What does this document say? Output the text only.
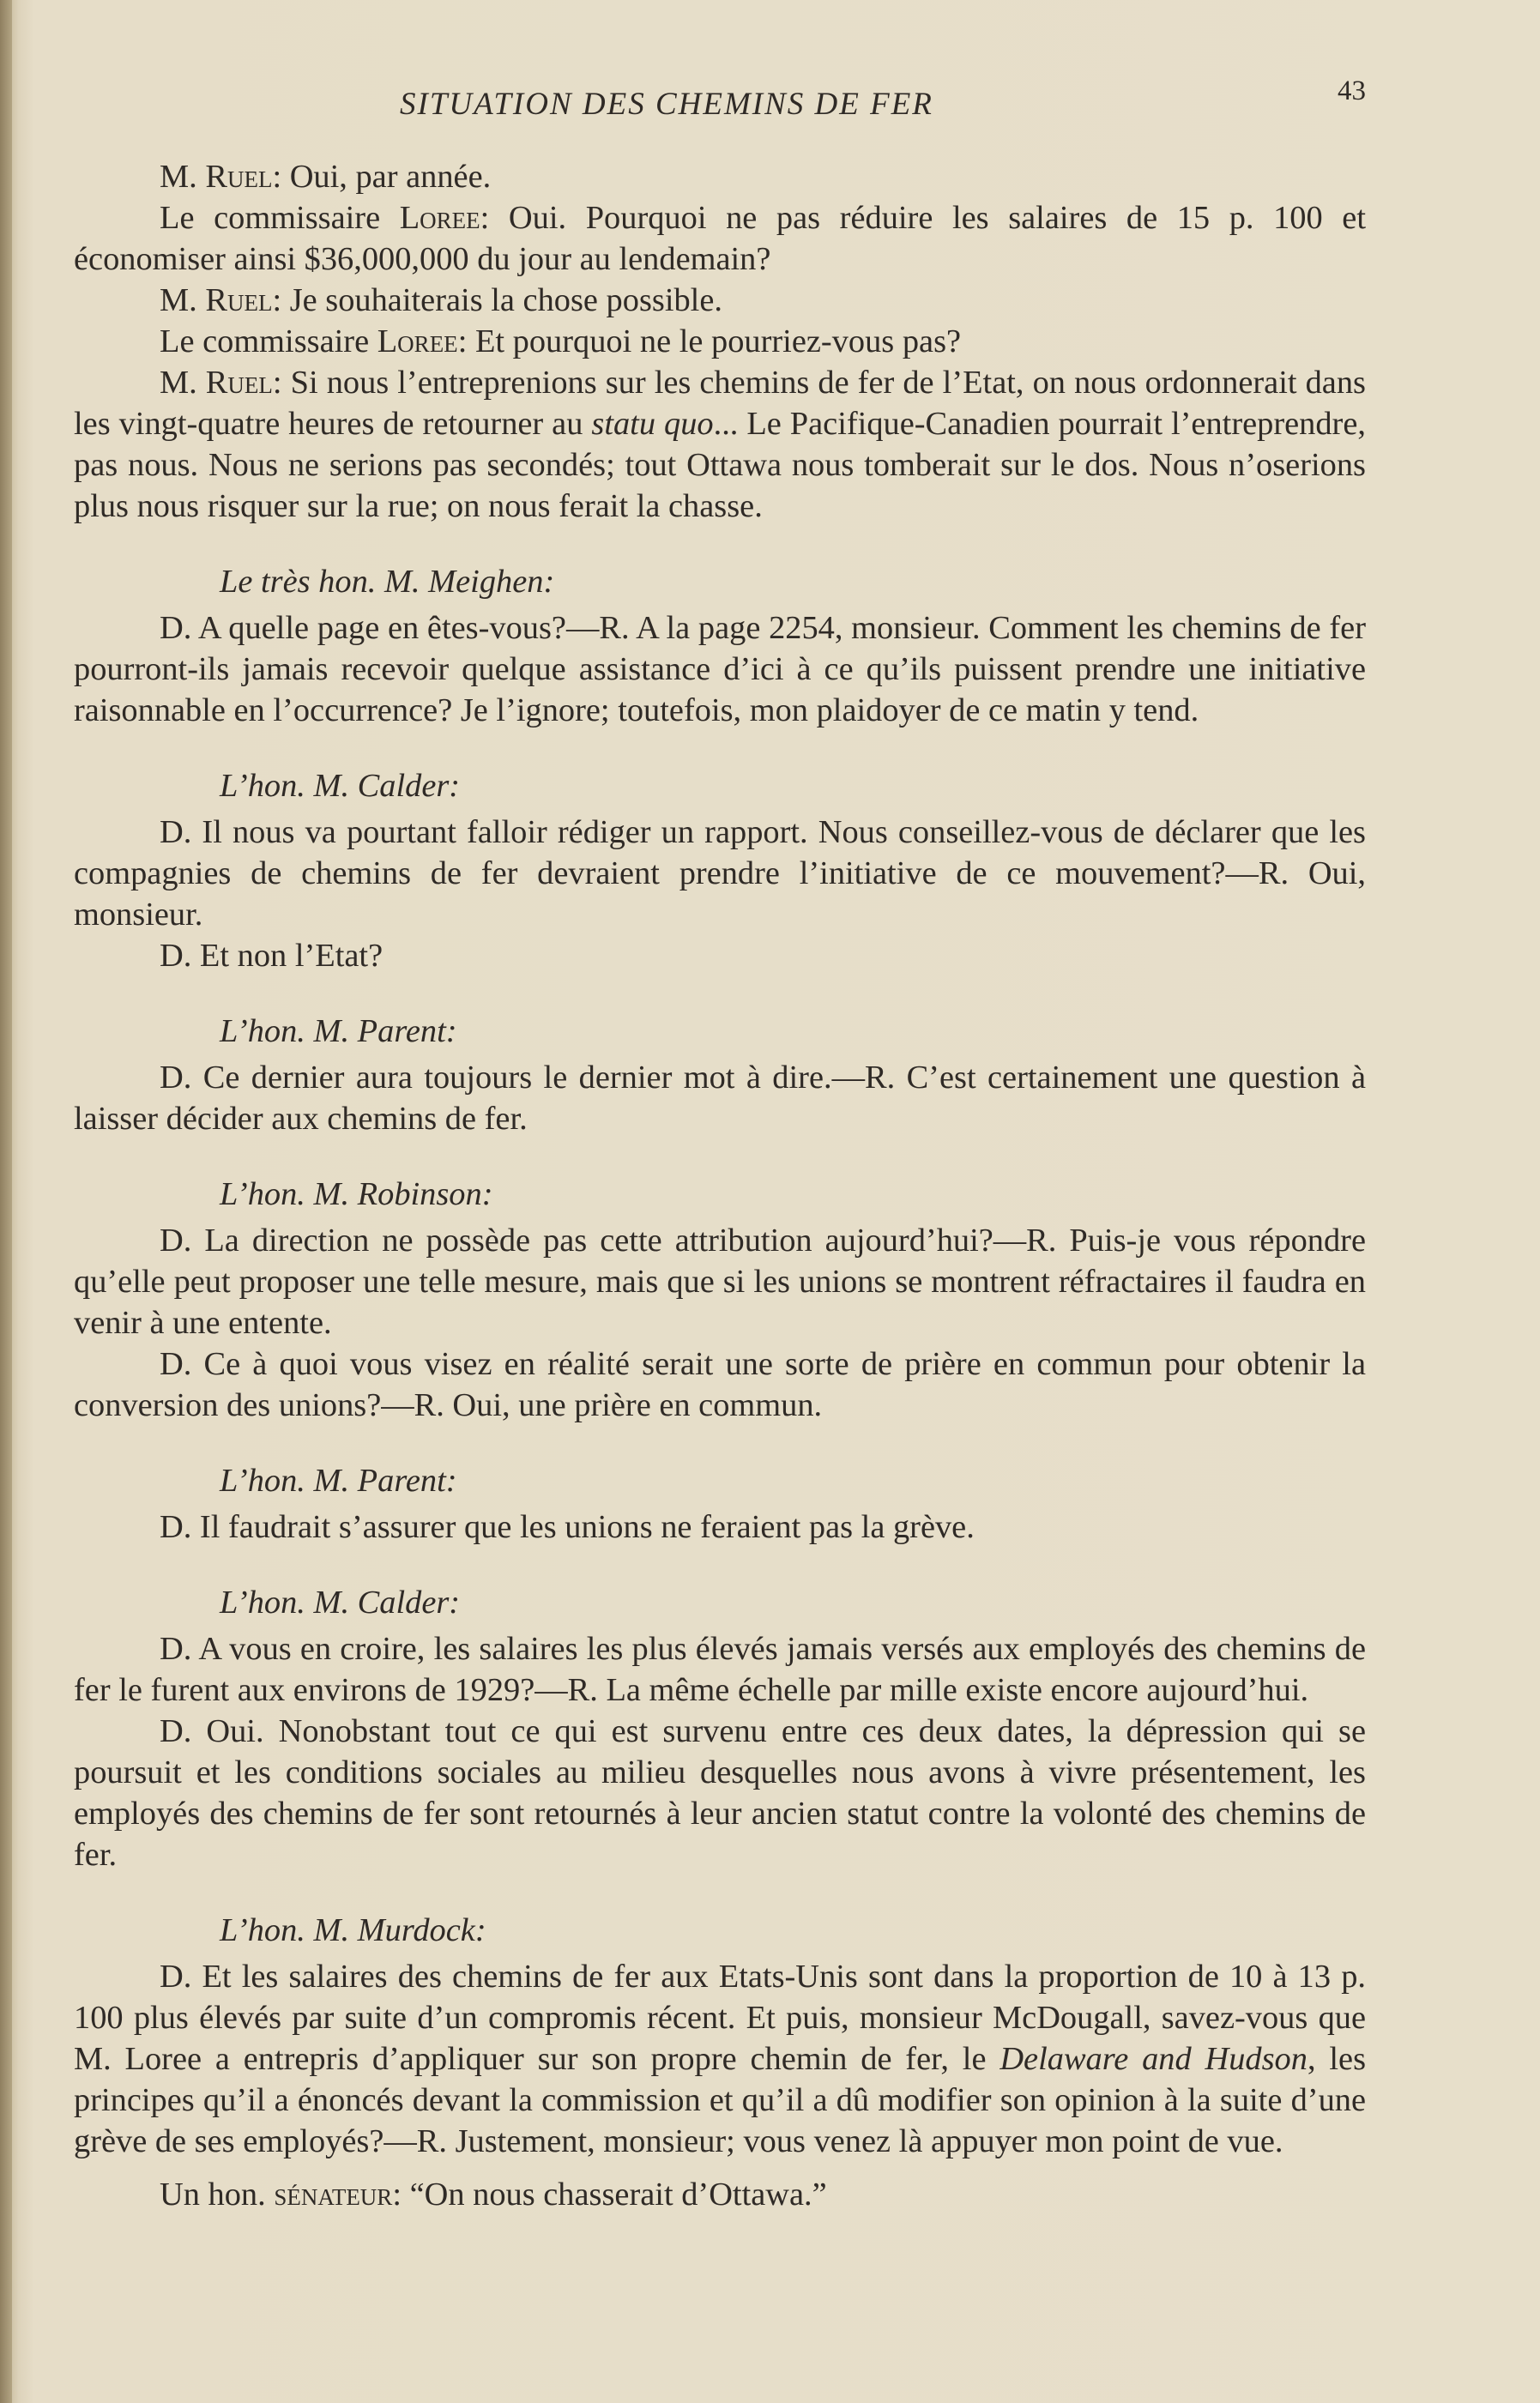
SITUATION DES CHEMINS DE FER	43

M. Ruel: Oui, par année.

Le commissaire Loree: Oui. Pourquoi ne pas réduire les salaires de 15 p. 100 et économiser ainsi $36,000,000 du jour au lendemain?

M. Ruel: Je souhaiterais la chose possible.

Le commissaire Loree: Et pourquoi ne le pourriez-vous pas?

M. Ruel: Si nous l’entreprenions sur les chemins de fer de l’Etat, on nous ordonnerait dans les vingt-quatre heures de retourner au statu quo... Le Pacifique-Canadien pourrait l’entreprendre, pas nous. Nous ne serions pas secondés; tout Ottawa nous tomberait sur le dos. Nous n’oserions plus nous risquer sur la rue; on nous ferait la chasse.

Le très hon. M. Meighen:

D. A quelle page en êtes-vous?—R. A la page 2254, monsieur. Comment les chemins de fer pourront-ils jamais recevoir quelque assistance d’ici à ce qu’ils puissent prendre une initiative raisonnable en l’occurrence? Je l’ignore; toutefois, mon plaidoyer de ce matin y tend.

L’hon. M. Calder:

D. Il nous va pourtant falloir rédiger un rapport. Nous conseillez-vous de déclarer que les compagnies de chemins de fer devraient prendre l’initiative de ce mouvement?—R. Oui, monsieur.

D. Et non l’Etat?

L’hon. M. Parent:

D. Ce dernier aura toujours le dernier mot à dire.—R. C’est certainement une question à laisser décider aux chemins de fer.

L’hon. M. Robinson:

D. La direction ne possède pas cette attribution aujourd’hui?—R. Puis-je vous répondre qu’elle peut proposer une telle mesure, mais que si les unions se montrent réfractaires il faudra en venir à une entente.

D. Ce à quoi vous visez en réalité serait une sorte de prière en commun pour obtenir la conversion des unions?—R. Oui, une prière en commun.

L’hon. M. Parent:

D. Il faudrait s’assurer que les unions ne feraient pas la grève.

L’hon. M. Calder:

D. A vous en croire, les salaires les plus élevés jamais versés aux employés des chemins de fer le furent aux environs de 1929?—R. La même échelle par mille existe encore aujourd’hui.

D. Oui. Nonobstant tout ce qui est survenu entre ces deux dates, la dépression qui se poursuit et les conditions sociales au milieu desquelles nous avons à vivre présentement, les employés des chemins de fer sont retournés à leur ancien statut contre la volonté des chemins de fer.

L’hon. M. Murdock:

D. Et les salaires des chemins de fer aux Etats-Unis sont dans la proportion de 10 à 13 p. 100 plus élevés par suite d’un compromis récent. Et puis, monsieur McDougall, savez-vous que M. Loree a entrepris d’appliquer sur son propre chemin de fer, le Delaware and Hudson, les principes qu’il a énoncés devant la commission et qu’il a dû modifier son opinion à la suite d’une grève de ses employés?—R. Justement, monsieur; vous venez là appuyer mon point de vue.

Un hon. sénateur: “On nous chasserait d’Ottawa.”
